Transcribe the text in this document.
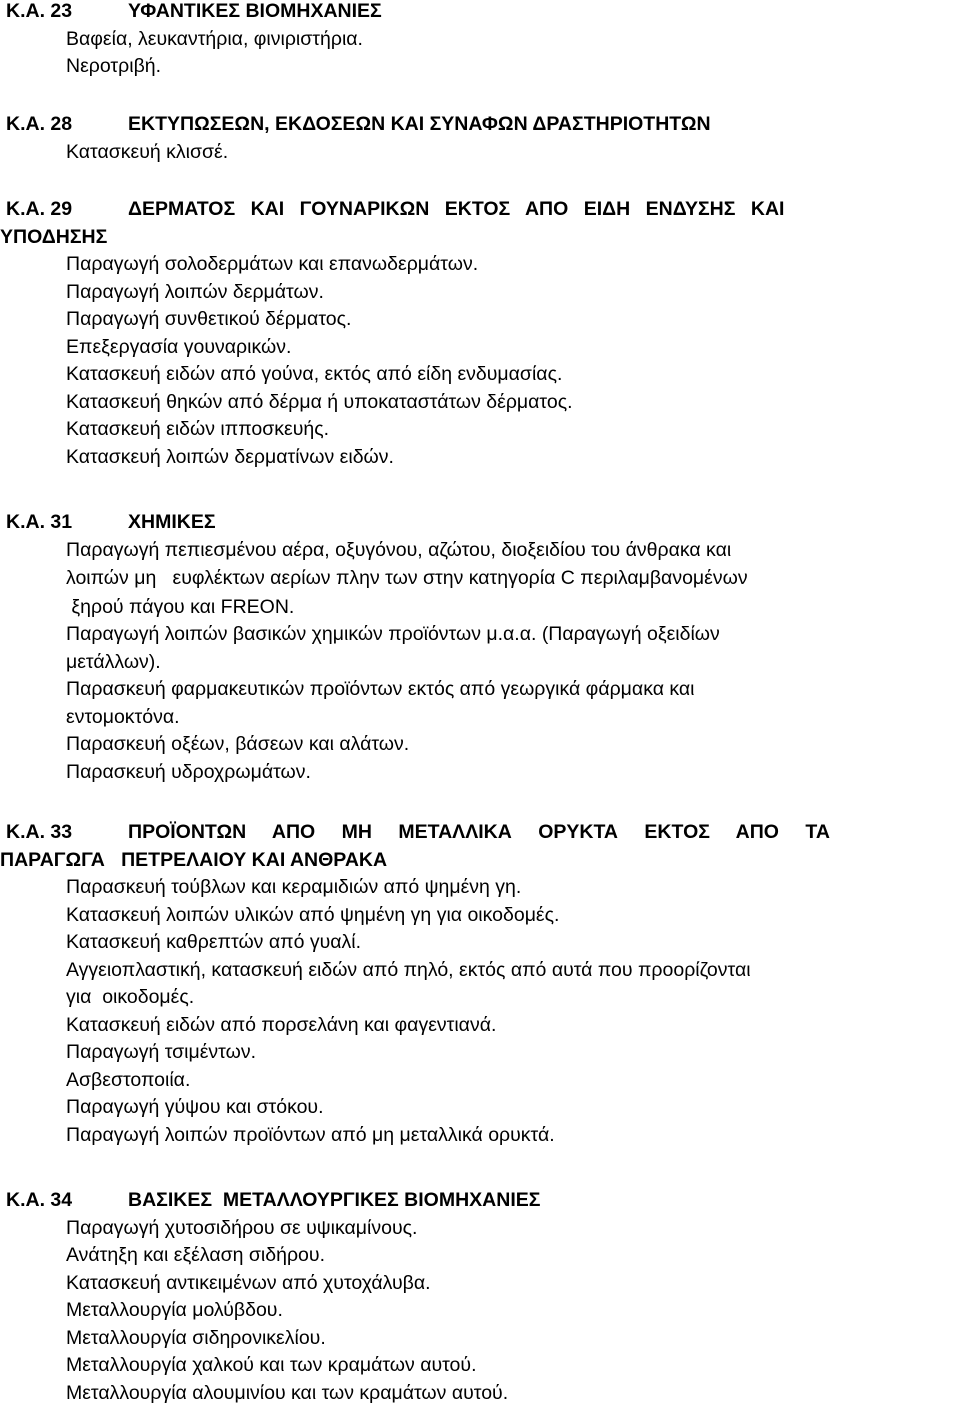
Κ.Α. 23	ΥΦΑΝΤΙΚΕΣ ΒΙΟΜΗΧΑΝΙΕΣ
Βαφεία, λευκαντήρια, φινιριστήρια.
Νεροτριβή.
Κ.Α. 28	ΕΚΤΥΠΩΣΕΩΝ, ΕΚΔΟΣΕΩΝ ΚΑΙ ΣΥΝΑΦΩΝ ΔΡΑΣΤΗΡΙΟΤΗΤΩΝ
Κατασκευή κλισσέ.
Κ.Α. 29	ΔΕΡΜΑΤΟΣ ΚΑΙ ΓΟΥΝΑΡΙΚΩΝ ΕΚΤΟΣ ΑΠΟ ΕΙΔΗ ΕΝΔΥΣΗΣ ΚΑΙ
ΥΠΟΔΗΣΗΣ
Παραγωγή σολοδερμάτων και επανωδερμάτων.
Παραγωγή λοιπών δερμάτων.
Παραγωγή συνθετικού δέρματος.
Επεξεργασία γουναρικών.
Κατασκευή ειδών από γούνα, εκτός από είδη ενδυμασίας.
Κατασκευή θηκών από δέρμα ή υποκαταστάτων δέρματος.
Κατασκευή ειδών ιπποσκευής.
Κατασκευή λοιπών δερματίνων ειδών.
Κ.Α. 31	ΧΗΜΙΚΕΣ
Παραγωγή πεπιεσμένου αέρα, οξυγόνου, αζώτου, διοξειδίου του άνθρακα και
λοιπών μη   ευφλέκτων αερίων πλην των στην κατηγορία C περιλαμβανομένων
ξηρού πάγου και FREON.
Παραγωγή λοιπών βασικών χημικών προϊόντων μ.α.α. (Παραγωγή οξειδίων
μετάλλων).
Παρασκευή φαρμακευτικών προϊόντων εκτός από γεωργικά φάρμακα και
εντομοκτόνα.
Παρασκευή οξέων, βάσεων και αλάτων.
Παρασκευή υδροχρωμάτων.
Κ.Α. 33	ΠΡΟΪΟΝΤΩΝ ΑΠΟ ΜΗ ΜΕΤΑΛΛΙΚΑ ΟΡΥΚΤΑ ΕΚΤΟΣ ΑΠΟ ΤΑ
ΠΑΡΑΓΩΓΑ   ΠΕΤΡΕΛΑΙΟΥ ΚΑΙ ΑΝΘΡΑΚΑ
Παρασκευή τούβλων και κεραμιδιών από ψημένη γη.
Κατασκευή λοιπών υλικών από ψημένη γη για οικοδομές.
Κατασκευή καθρεπτών από γυαλί.
Αγγειοπλαστική, κατασκευή ειδών από πηλό, εκτός από αυτά που προορίζονται
για  οικοδομές.
Κατασκευή ειδών από πορσελάνη και φαγεντιανά.
Παραγωγή τσιμέντων.
Ασβεστοποιία.
Παραγωγή γύψου και στόκου.
Παραγωγή λοιπών προϊόντων από μη μεταλλικά ορυκτά.
Κ.Α. 34	ΒΑΣΙΚΕΣ  ΜΕΤΑΛΛΟΥΡΓΙΚΕΣ ΒΙΟΜΗΧΑΝΙΕΣ
Παραγωγή χυτοσιδήρου σε υψικαμίνους.
Ανάτηξη και εξέλαση σιδήρου.
Κατασκευή αντικειμένων από χυτοχάλυβα.
Μεταλλουργία μολύβδου.
Μεταλλουργία σιδηρονικελίου.
Μεταλλουργία χαλκού και των κραμάτων αυτού.
Μεταλλουργία αλουμινίου και των κραμάτων αυτού.
